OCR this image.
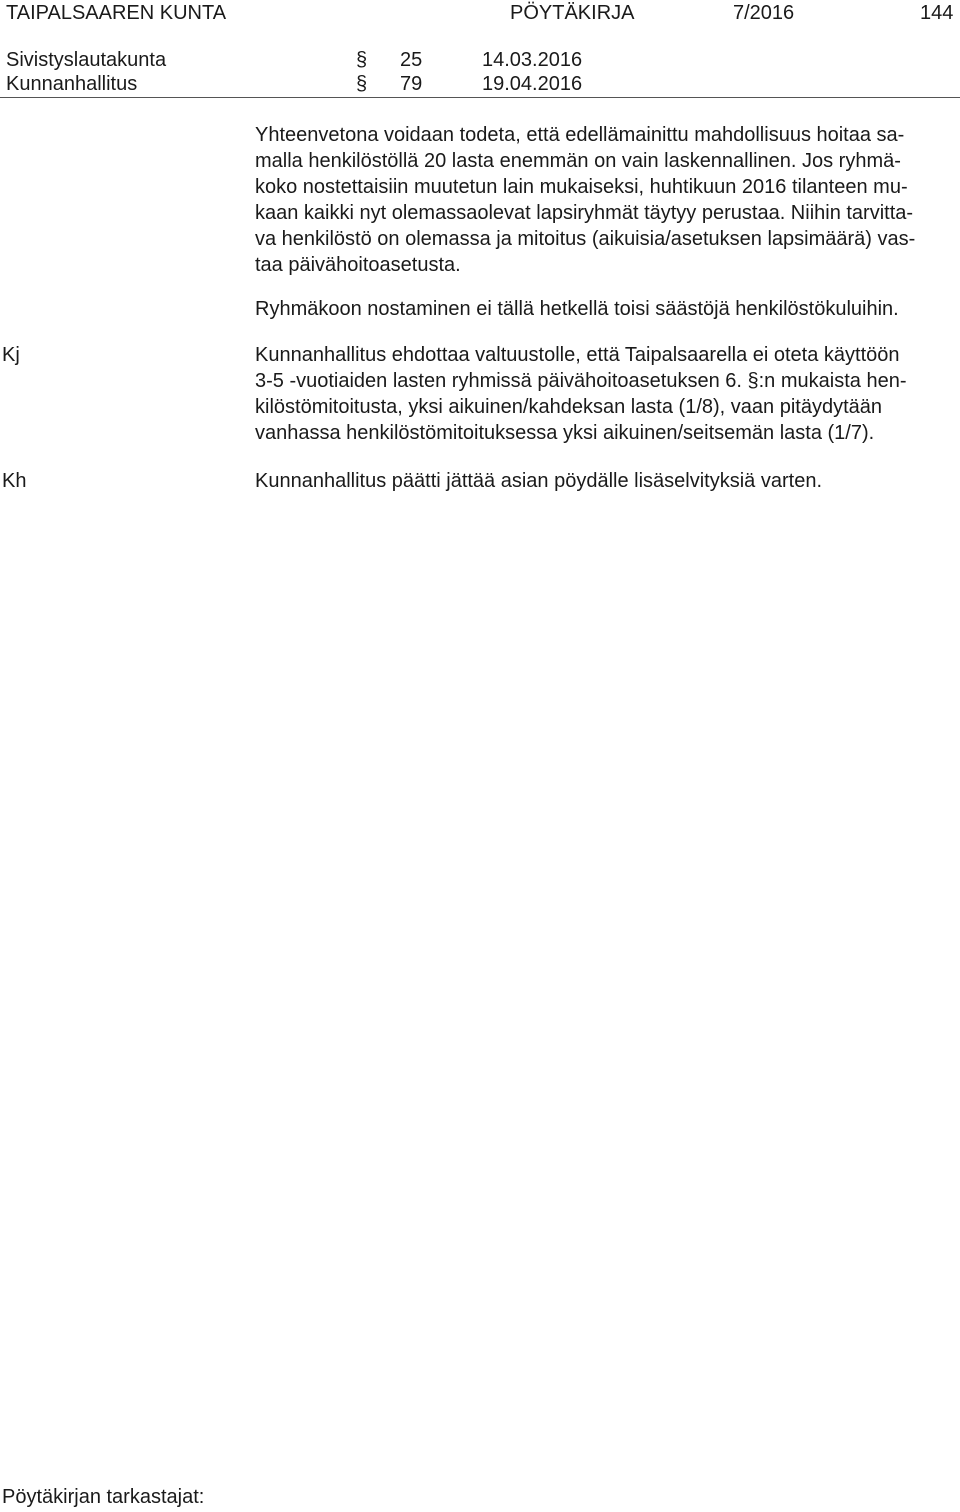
TAIPALSAAREN KUNTA	PÖYTÄKIRJA	7/2016	144
Sivistyslautakunta	§ 25	14.03.2016
Kunnanhallitus	§ 79	19.04.2016
Yhteenvetona voidaan todeta, että edellämainittu mahdollisuus hoitaa sa-
malla henkilöstöllä 20 lasta enemmän on vain laskennallinen. Jos ryhmä-
koko nostettaisiin muutetun lain mukaiseksi, huhtikuun 2016 tilanteen mu-
kaan kaikki nyt olemassaolevat lapsiryhmät täytyy perustaa. Niihin tarvitta-
va henkilöstö on olemassa ja mitoitus (aikuisia/asetuksen lapsimäärä) vas-
taa päivähoitoasetusta.
Ryhmäkoon nostaminen ei tällä hetkellä toisi säästöjä henkilöstökuluihin.
Kj	Kunnanhallitus ehdottaa valtuustolle, että Taipalsaarella ei oteta käyttöön
3-5 -vuotiaiden lasten ryhmissä päivähoitoasetuksen 6. §:n mukaista hen-
kilöstömitoitusta, yksi aikuinen/kahdeksan lasta (1/8), vaan pitäydytään
vanhassa henkilöstömitoituksessa yksi aikuinen/seitsemän lasta (1/7).
Kh	Kunnanhallitus päätti jättää asian pöydälle lisäselvityksiä varten.
Pöytäkirjan tarkastajat:
